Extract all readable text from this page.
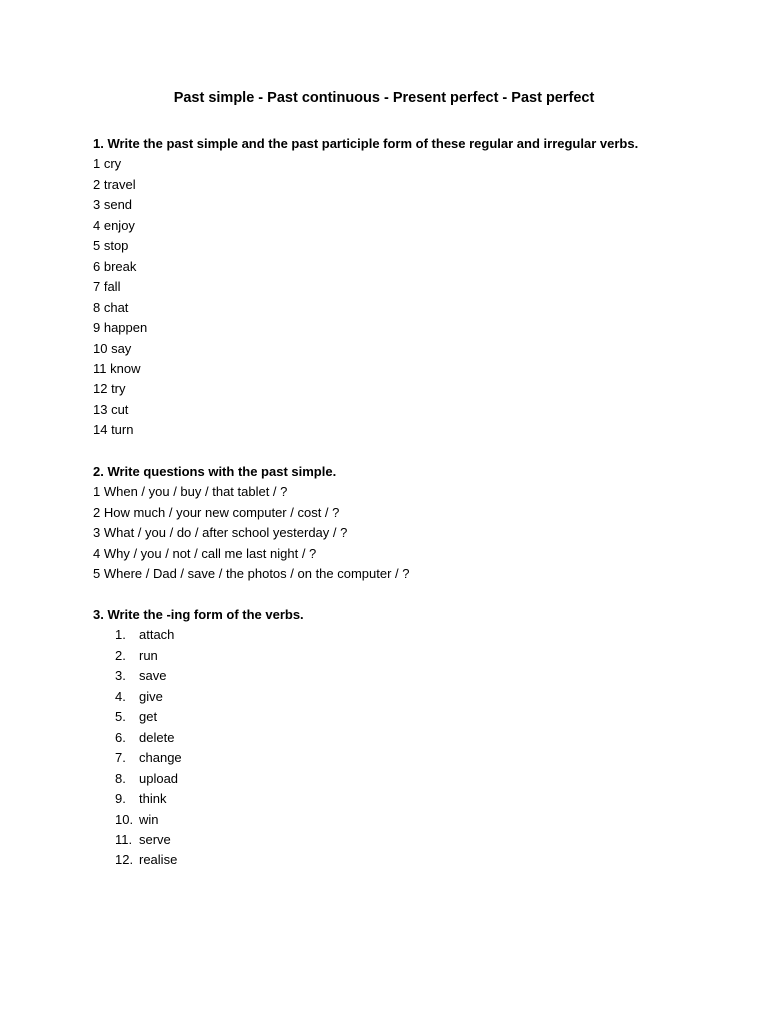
Past simple - Past continuous - Present perfect - Past perfect

1. Write the past simple and the past participle form of these regular and irregular verbs.

1 cry
2 travel
3 send
4 enjoy
5 stop
6 break
7 fall
8 chat
9 happen
10 say
11 know
12 try
13 cut
14 turn

2. Write questions with the past simple.

1 When / you / buy / that tablet / ?
2 How much / your new computer / cost / ?
3 What / you / do / after school yesterday / ?
4 Why / you / not / call me last night / ?
5 Where / Dad / save / the photos / on the computer / ?

3. Write the -ing form of the verbs.

1. attach
2. run
3. save
4. give
5. get
6. delete
7. change
8. upload
9. think
10. win
11. serve
12. realise
